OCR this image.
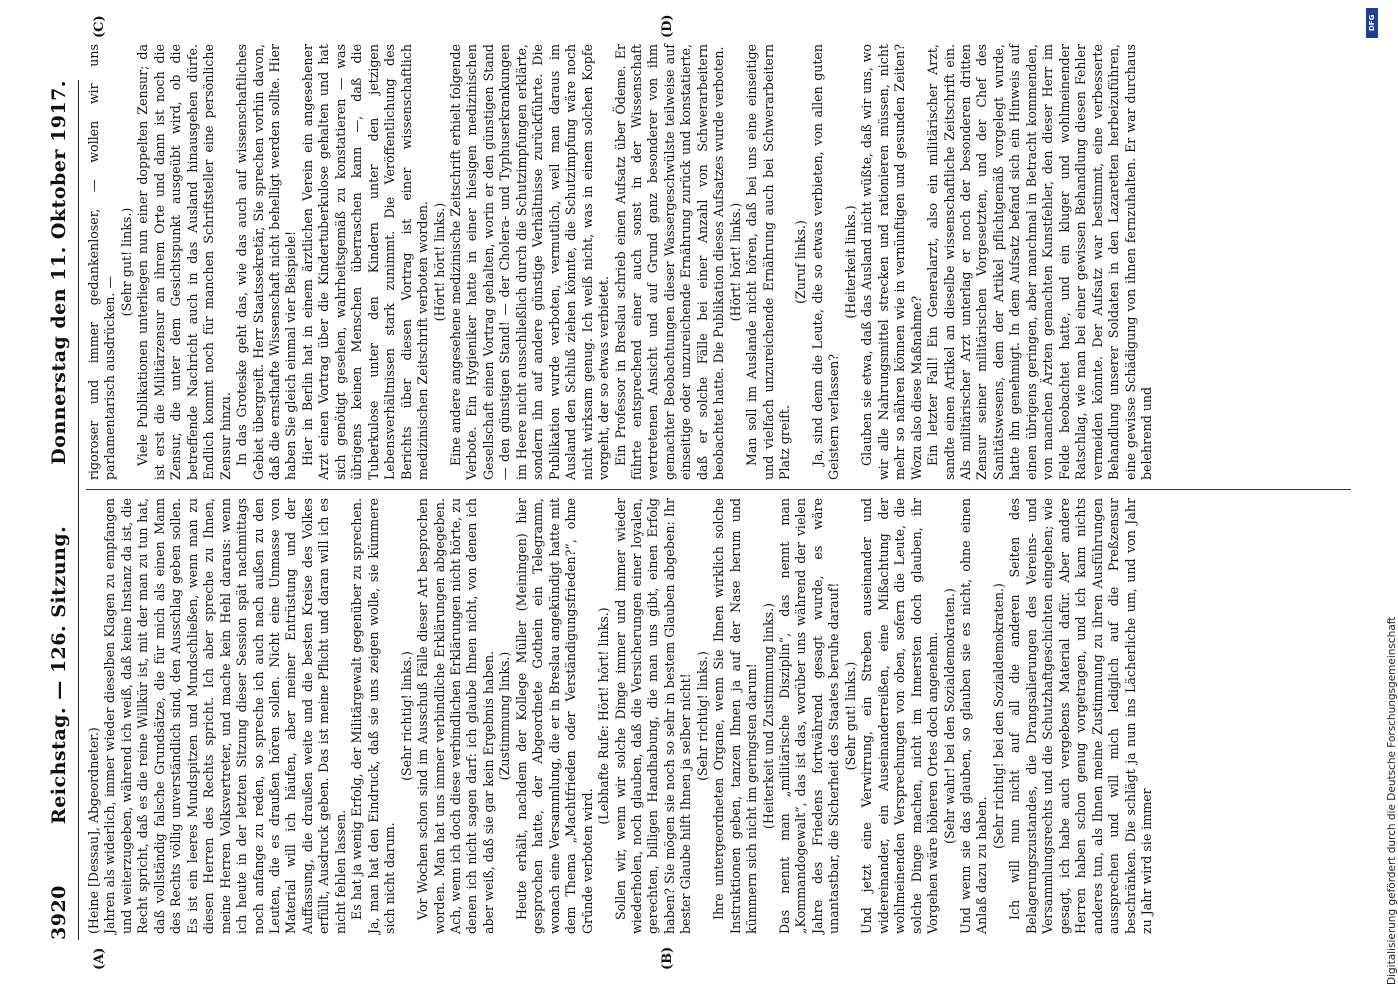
3920
Reichstag. — 126. Sitzung.
Donnerstag den 11. Oktober 1917.
(A)	(B)
(C)	(D)

(Heine [Dessau], Abgeordneter.) Jahren als widerlich, immer wieder dieselben Klagen zu empfangen und weiterzugeben, während ich weiß, daß keine Instanz da ist, die Recht spricht, daß es die reine Willkür ist, mit der man zu tun hat, daß vollständig falsche Grundsätze, die für mich als einen Mann des Rechts völlig unverständlich sind, den Ausschlag geben sollen. Es ist ein leeres Mundspitzen und Mundschließen, wenn man zu diesen Herren des Rechts spricht. Ich aber spreche zu Ihnen, meine Herren Volksvertreter, und mache kein Hehl daraus: wenn ich heute in der letzten Sitzung dieser Session spät nachmittags noch anfange zu reden, so spreche ich auch nach außen zu den Leuten, die es draußen hören sollen. Nicht eine Unmasse von Material will ich häufen, aber meiner Entrüstung und der Auffassung, die draußen weite und die besten Kreise des Volkes erfüllt, Ausdruck geben. Das ist meine Pflicht und daran will ich es nicht fehlen lassen. Es hat ja wenig Erfolg, der Militärgewalt gegenüber zu sprechen. Ja, man hat den Eindruck, daß sie uns zeigen wolle, sie kümmere sich nicht darum.

(Sehr richtig! links.) Vor Wochen schon sind im Ausschuß Fälle dieser Art besprochen worden. Man hat uns immer verbindliche Erklärungen abgegeben. Ach, wenn ich doch diese verbindlichen Erklärungen nicht hörte, zu denen ich nicht sagen darf: ich glaube Ihnen nicht, von denen ich aber weiß, daß sie gar kein Ergebnis haben. (Zustimmung links.) Heute erhält, nachdem der Kollege Müller (Meiningen) hier gesprochen hatte, der Abgeordnete Gothein ein Telegramm, wonach eine Versammlung, die er in Breslau angekündigt hatte mit dem Thema „Machtfrieden oder Verständigungsfrieden?“, ohne Gründe verboten wird.

(Lebhafte Rufe: Hört! hört! links.) Sollen wir, wenn wir solche Dinge immer und immer wieder wiederholen, noch glauben, daß die Versicherungen einer loyalen, gerechten, billigen Handhabung, die man uns gibt, einen Erfolg haben? Sie mögen sie noch so sehr in bestem Glauben abgeben: Ihr bester Glaube hilft Ihnen ja selber nicht! (Sehr richtig! links.) Ihre untergeordneten Organe, wenn Sie Ihnen wirklich solche Instruktionen geben, tanzen Ihnen ja auf der Nase herum und kümmern sich nicht im geringsten darum! (Heiterkeit und Zustimmung links.) Das nennt man „militärische Disziplin“, das nennt man „Kommandogewalt“, das ist das, worüber uns während der vielen Jahre des Friedens fortwährend gesagt wurde, es wäre unantastbar, die Sicherheit des Staates beruhe darauf! (Sehr gut! links.) Und jetzt eine Verwirrung, ein Streben auseinander und widereinander, ein Auseinanderreißen, eine Mißachtung der wohlmeinenden Versprechungen von oben, sofern die Leute, die solche Dinge machen, nicht im Innersten doch glauben, ihr Vorgehen wäre höheren Ortes doch angenehm. (Sehr wahr! bei den Sozialdemokraten.) Und wenn sie das glauben, so glauben sie es nicht, ohne einen Anlaß dazu zu haben.

(Sehr richtig! bei den Sozialdemokraten.) Ich will nun nicht auf all die anderen Seiten des Belagerungszustandes, die Drangsalierungen des Vereins- und Versammlungsrechts und die Schutzhaftgeschichten eingehen; wie gesagt, ich habe auch vergebens Material dafür. Aber andere Herren haben schon genug vorgetragen, und ich kann nichts anderes tun, als Ihnen meine Zustimmung zu ihren Ausführungen aussprechen und will mich lediglich auf die Preßzensur beschränken. Die schlägt ja nun ins Lächerliche um, und von Jahr zu Jahr wird sie immer

rigoroser und immer gedankenloser, — wollen wir uns parlamentarisch ausdrücken. —

(Sehr gut! links.) Viele Publikationen unterliegen nun einer doppelten Zensur; da ist erst die Militärzensur an ihrem Orte und dann ist noch die Zensur, die unter dem Gesichtspunkt ausgeübt wird, ob die betreffende Nachricht auch in das Ausland hinausgehen dürfe. Endlich kommt noch für manchen Schriftsteller eine persönliche Zensur hinzu. In das Groteske geht das, wie das auch auf wissenschaftliches Gebiet übergreift. Herr Staatssekretär, Sie sprechen vorhin davon, daß die ernsthafte Wissenschaft nicht behelligt werden sollte. Hier haben Sie gleich einmal vier Beispiele! Hier in Berlin hat in einem ärztlichen Verein ein angesehener Arzt einen Vortrag über die Kindertuberkulose gehalten und hat sich genötigt gesehen, wahrheitsgemäß zu konstatieren — was übrigens keinen Menschen überraschen kann —, daß die Tuberkulose unter den Kindern unter den jetzigen Lebensverhältnissen stark zunimmt. Die Veröffentlichung des Berichts über diesen Vortrag ist einer wissenschaftlich medizinischen Zeitschrift verboten worden. (Hört! hört! links.) Eine andere angesehene medizinische Zeitschrift erhielt folgende Verbote. Ein Hygieniker hatte in einer hiesigen medizinischen Gesellschaft einen Vortrag gehalten, worin er den günstigen Stand — den günstigen Stand! — der Cholera- und Typhuserkrankungen im Heere nicht ausschließlich durch die Schutzimpfungen erklärte, sondern ihn auf andere günstige Verhältnisse zurückführte. Die Publikation wurde verboten, vermutlich, weil man daraus im Ausland den Schluß ziehen könnte, die Schutzimpfung wäre noch nicht wirksam genug. Ich weiß nicht, was in einem solchen Kopfe vorgeht, der so etwas verbietet. Ein Professor in Breslau schrieb einen Aufsatz über Ödeme. Er führte entsprechend einer auch sonst in der Wissenschaft vertretenen Ansicht und auf Grund ganz besonderer von ihm gemachter Beobachtungen dieser Wassergeschwülste teilweise auf einseitige oder unzureichende Ernährung zurück und konstatierte, daß er solche Fälle bei einer Anzahl von Schwerarbeitern beobachtet hatte. Die Publikation dieses Aufsatzes wurde verboten. (Hört! hört! links.) Man soll im Auslande nicht hören, daß bei uns eine einseitige und vielfach unzureichende Ernährung auch bei Schwerarbeitern Platz greift.

(Zuruf links.) Ja, sind denn die Leute, die so etwas verbieten, von allen guten Geistern verlassen?

(Heiterkeit links.) Glauben sie etwa, daß das Ausland nicht wüßte, daß wir uns, wo wir alle Nahrungsmittel strecken und rationieren müssen, nicht mehr so nähren können wie in vernünftigen und gesunden Zeiten? Wozu also diese Maßnahme? Ein letzter Fall! Ein Generalarzt, also ein militärischer Arzt, sandte einen Artikel an dieselbe wissenschaftliche Zeitschrift ein. Als militärischer Arzt unterlag er noch der besonderen dritten Zensur seiner militärischen Vorgesetzten, und der Chef des Sanitätswesens, dem der Artikel pflichtgemäß vorgelegt wurde, hatte ihn genehmigt. In dem Aufsatz befand sich ein Hinweis auf einen übrigens geringen, aber manchmal in Betracht kommenden, von manchen Ärzten gemachten Kunstfehler, den dieser Herr im Felde beobachtet hatte, und ein kluger und wohlmeinender Ratschlag, wie man bei einer gewissen Behandlung diesen Fehler vermeiden könnte. Der Aufsatz war bestimmt, eine verbesserte Behandlung unserer Soldaten in den Lazaretten herbeizuführen, eine gewisse Schädigung von ihnen fernzuhalten. Er war durchaus belehrend und

DFG
Digitalisierung gefördert durch die Deutsche Forschungsgemeinschaft
